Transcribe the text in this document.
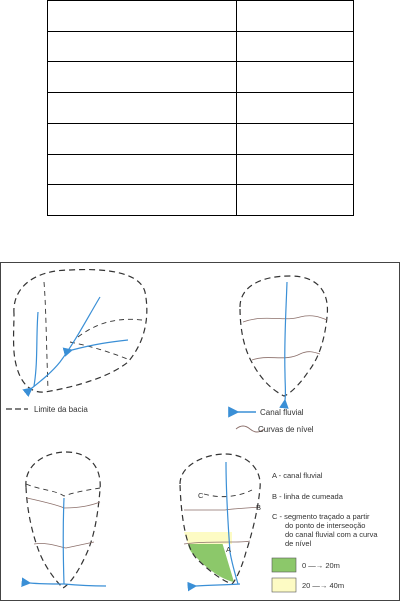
Limite da bacia	Canal fluvial
Curvas de nível
C
B
A
A - canal fluvial
B - linha de cumeada
C - segmento traçado a partir
do ponto de interseoção
do canal fluvial com a curva
de nível
0 —→ 20m
20 —→ 40m
